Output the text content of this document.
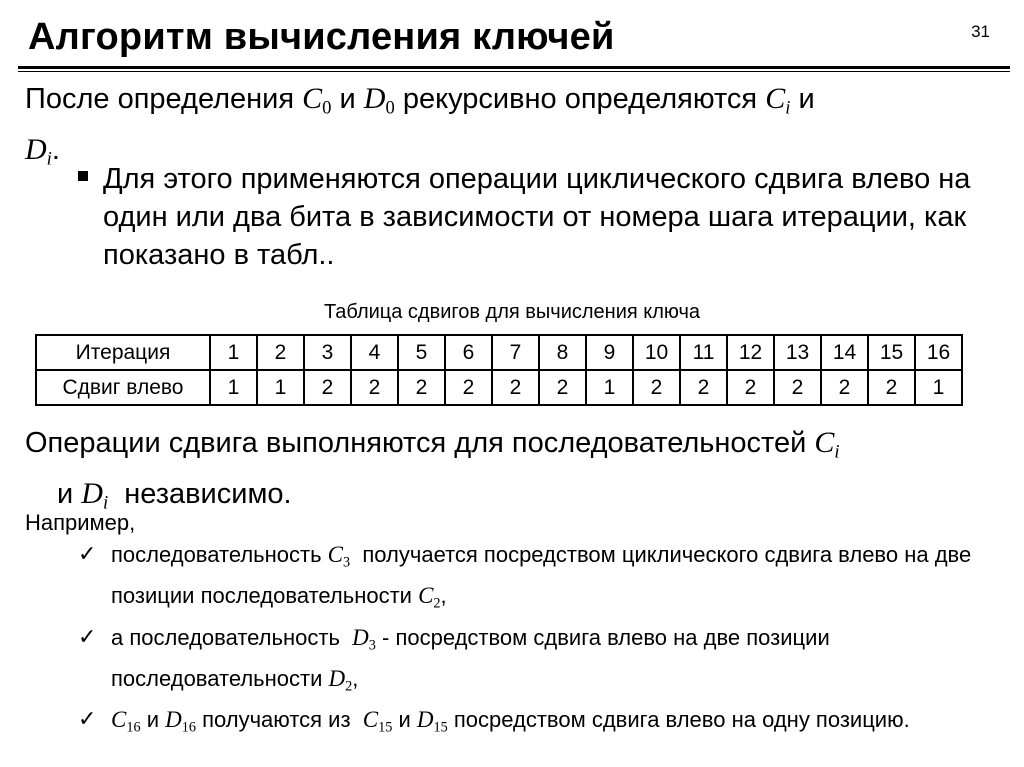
Алгоритм вычисления ключей	31
После определения $C_0$ и $D_0$ рекурсивно определяются Ci и
Di.
Для этого применяются операции циклического сдвига влево на один или два бита в зависимости от номера шага итерации, как показано в табл..
Таблица сдвигов для вычисления ключа
Итерация	1	2	3	4	5	6	7	8	9	10	11	12	13	14	15	16
Сдвиг влево	1	1	2	2	2	2	2	2	1	2	2	2	2	2	2	1
Операции сдвига выполняются для последовательностей Ci
и Di  независимо.
Например,
✓ последовательность $C_3$  получается посредством циклического сдвига влево на две позиции последовательности $C_2$,
✓ а последовательность  $D_3$ - посредством сдвига влево на две позиции последовательности $D_2$,
✓ $C_{16}$ и $D_{16}$ получаются из  $C_{15}$ и $D_{15}$ посредством сдвига влево на одну позицию.
